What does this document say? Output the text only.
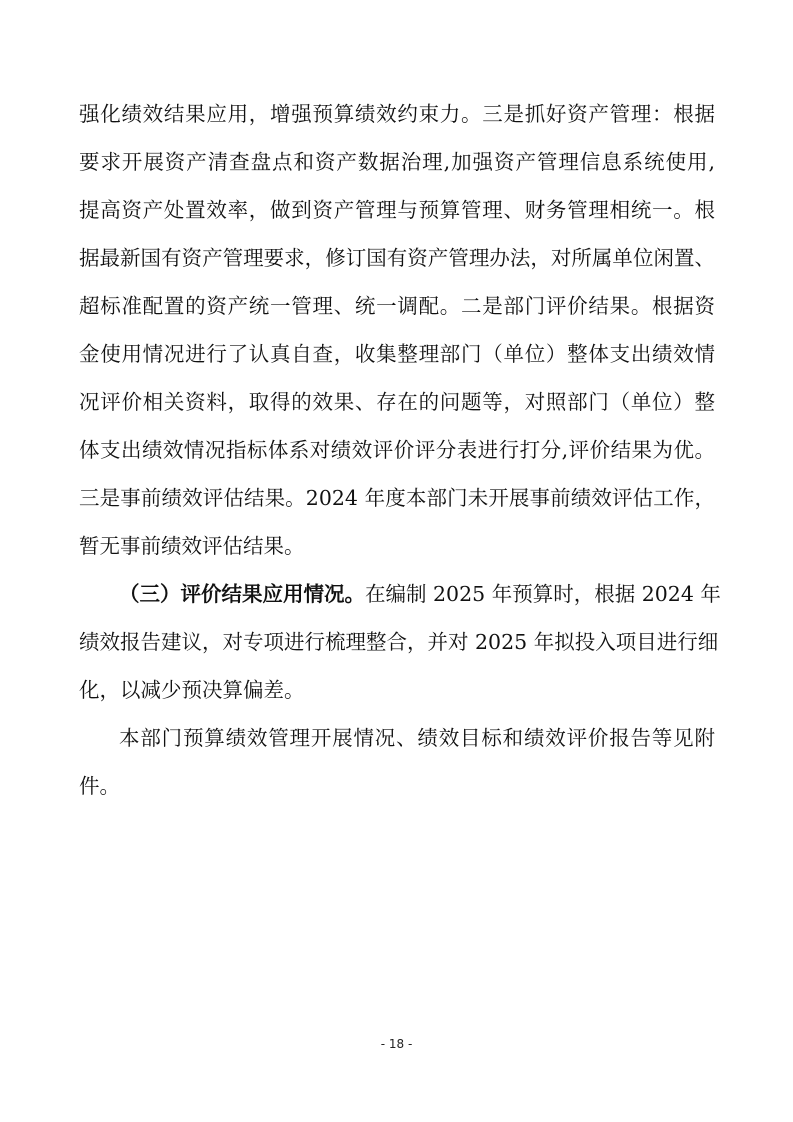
强化绩效结果应用，增强预算绩效约束力。三是抓好资产管理：根据
要求开展资产清查盘点和资产数据治理,加强资产管理信息系统使用,
提高资产处置效率，做到资产管理与预算管理、财务管理相统一。根
据最新国有资产管理要求，修订国有资产管理办法，对所属单位闲置、
超标准配置的资产统一管理、统一调配。二是部门评价结果。根据资
金使用情况进行了认真自查，收集整理部门（单位）整体支出绩效情
况评价相关资料，取得的效果、存在的问题等，对照部门（单位）整
体支出绩效情况指标体系对绩效评价评分表进行打分,评价结果为优。
三是事前绩效评估结果。2024 年度本部门未开展事前绩效评估工作，
暂无事前绩效评估结果。
（三）评价结果应用情况。在编制 2025 年预算时，根据 2024 年
绩效报告建议，对专项进行梳理整合，并对 2025 年拟投入项目进行细
化，以减少预决算偏差。
本部门预算绩效管理开展情况、绩效目标和绩效评价报告等见附
件。
- 18 -
